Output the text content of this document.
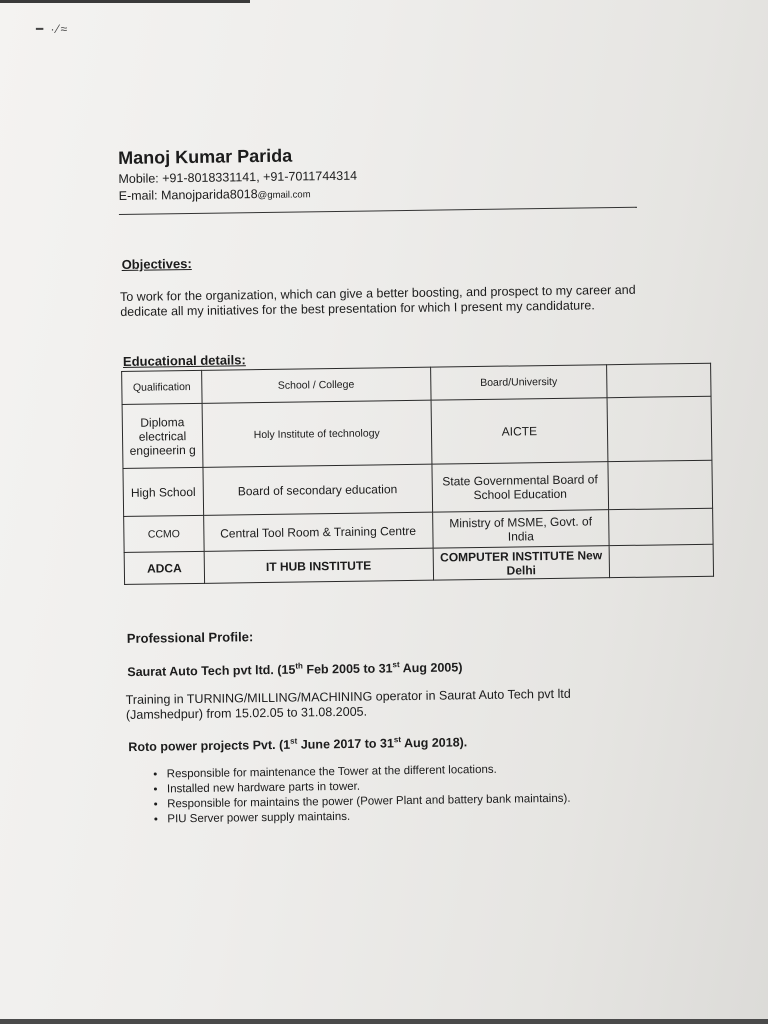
━ ·⁄≈
Manoj Kumar Parida

Mobile: +91-8018331141, +91-7011744314
E-mail: Manojparida8018@gmail.com

Objectives:

To work for the organization, which can give a better boosting, and prospect to my career and dedicate all my initiatives for the best presentation for which I present my candidature.

Educational details:
Qualification	School / College	Board/University	
Diploma electrical engineerin g	Holy Institute of technology	AICTE	
High School	Board of secondary education	State Governmental Board of School Education	
CCMO	Central Tool Room & Training Centre	Ministry of MSME, Govt. of India	
ADCA	IT HUB INSTITUTE	COMPUTER INSTITUTE New Delhi	
Professional Profile:
Saurat Auto Tech pvt ltd. (15th Feb 2005 to 31st Aug 2005)

Training in TURNING/MILLING/MACHINING operator in Saurat Auto Tech pvt ltd (Jamshedpur) from 15.02.05 to 31.08.2005.

Roto power projects Pvt. (1st June 2017 to 31st Aug 2018).
• Responsible for maintenance the Tower at the different locations.
• Installed new hardware parts in tower.
• Responsible for maintains the power (Power Plant and battery bank maintains).
• PIU Server power supply maintains.
